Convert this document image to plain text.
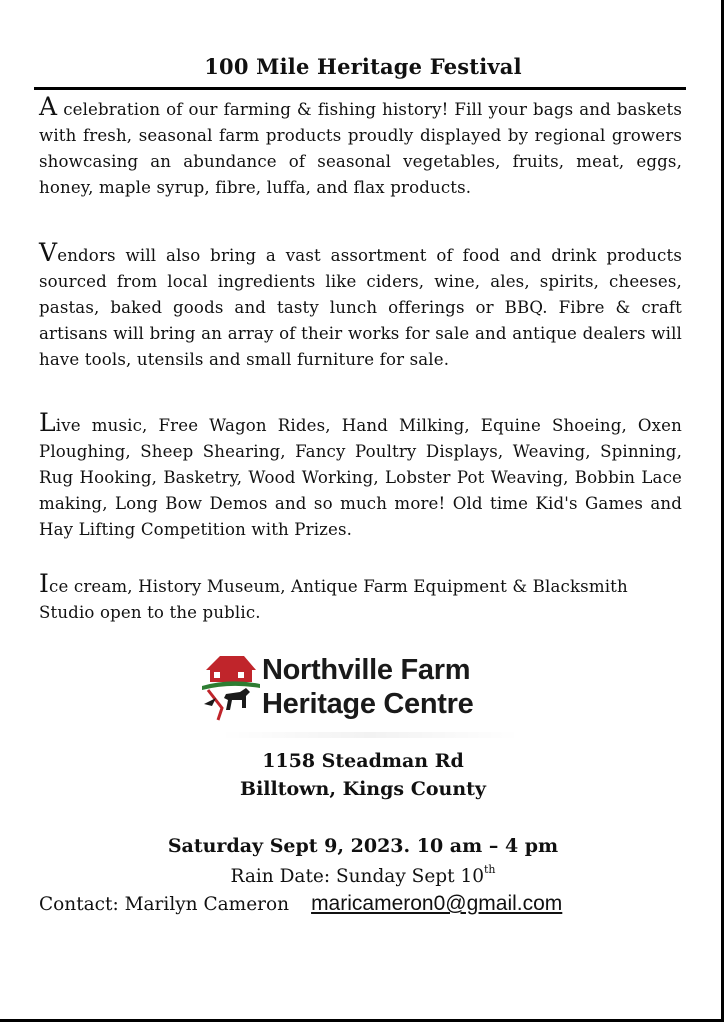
100 Mile Heritage Festival
A celebration of our farming & fishing history! Fill your bags and baskets with fresh, seasonal farm products proudly displayed by regional growers showcasing an abundance of seasonal vegetables, fruits, meat, eggs, honey, maple syrup, fibre, luffa, and flax products.
Vendors will also bring a vast assortment of food and drink products sourced from local ingredients like ciders, wine, ales, spirits, cheeses, pastas, baked goods and tasty lunch offerings or BBQ. Fibre & craft artisans will bring an array of their works for sale and antique dealers will have tools, utensils and small furniture for sale.
Live music, Free Wagon Rides, Hand Milking, Equine Shoeing, Oxen Ploughing, Sheep Shearing, Fancy Poultry Displays, Weaving, Spinning, Rug Hooking, Basketry, Wood Working, Lobster Pot Weaving, Bobbin Lace making, Long Bow Demos and so much more! Old time Kid's Games and Hay Lifting Competition with Prizes.
Ice cream, History Museum, Antique Farm Equipment & Blacksmith Studio open to the public.
Northville Farm
Heritage Centre
1158 Steadman Rd
Billtown, Kings County
Saturday Sept 9, 2023. 10 am – 4 pm
Rain Date: Sunday Sept 10th
Contact: Marilyn Cameron maricameron0@gmail.com
